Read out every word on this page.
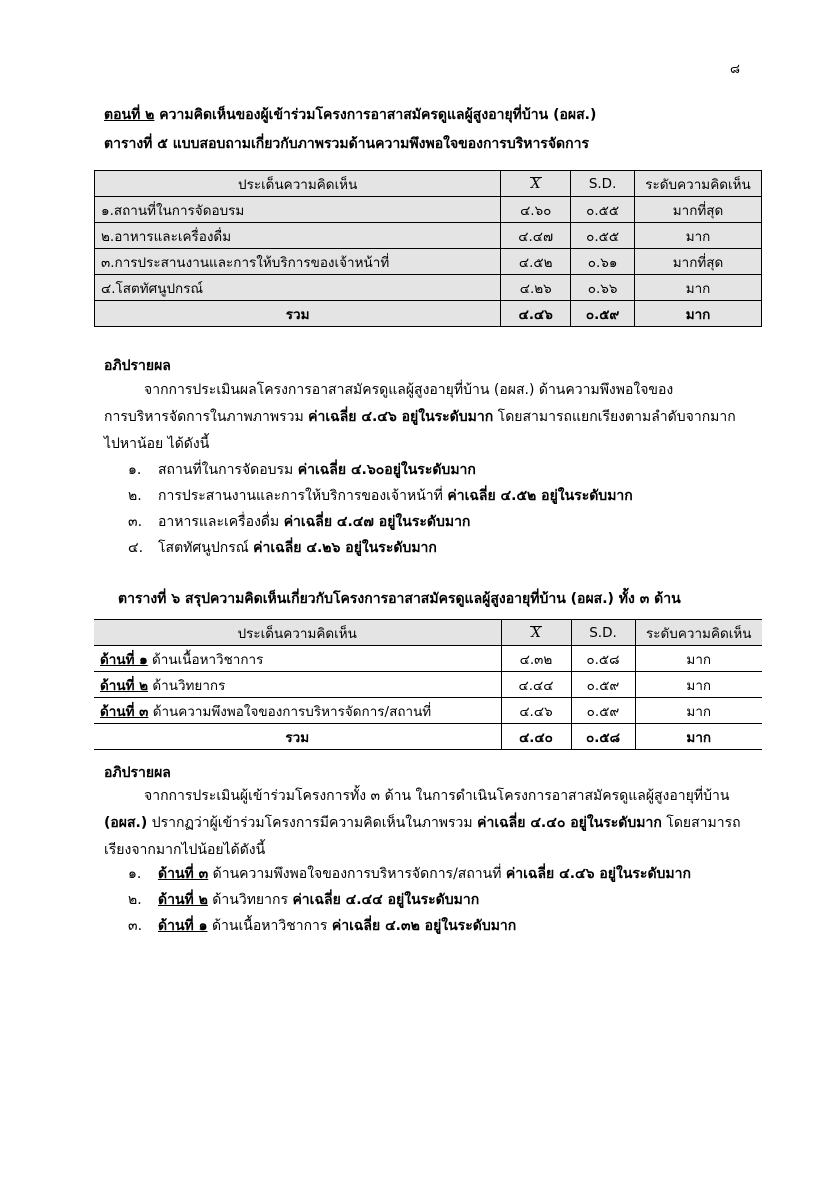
๘
ตอนที่ ๒ ความคิดเห็นของผู้เข้าร่วมโครงการอาสาสมัครดูแลผู้สูงอายุที่บ้าน (อผส.)
ตารางที่ ๕ แบบสอบถามเกี่ยวกับภาพรวมด้านความพึงพอใจของการบริหารจัดการ
ประเด็นความคิดเห็น	X	S.D.	ระดับความคิดเห็น
๑.สถานที่ในการจัดอบรม	๔.๖๐	๐.๕๕	มากที่สุด
๒.อาหารและเครื่องดื่ม	๔.๔๗	๐.๕๕	มาก
๓.การประสานงานและการให้บริการของเจ้าหน้าที่	๔.๕๒	๐.๖๑	มากที่สุด
๔.โสตทัศนูปกรณ์	๔.๒๖	๐.๖๖	มาก
รวม	๔.๔๖	๐.๕๙	มาก
อภิปรายผล
จากการประเมินผลโครงการอาสาสมัครดูแลผู้สูงอายุที่บ้าน (อผส.) ด้านความพึงพอใจของ
การบริหารจัดการในภาพภาพรวม ค่าเฉลี่ย ๔.๔๖ อยู่ในระดับมาก โดยสามารถแยกเรียงตามลำดับจากมาก
ไปหาน้อย ได้ดังนี้
๑. สถานที่ในการจัดอบรม ค่าเฉลี่ย ๔.๖๐อยู่ในระดับมาก
๒. การประสานงานและการให้บริการของเจ้าหน้าที่ ค่าเฉลี่ย ๔.๕๒ อยู่ในระดับมาก
๓. อาหารและเครื่องดื่ม ค่าเฉลี่ย ๔.๔๗ อยู่ในระดับมาก
๔. โสตทัศนูปกรณ์ ค่าเฉลี่ย ๔.๒๖ อยู่ในระดับมาก
ตารางที่ ๖ สรุปความคิดเห็นเกี่ยวกับโครงการอาสาสมัครดูแลผู้สูงอายุที่บ้าน (อผส.) ทั้ง ๓ ด้าน
ประเด็นความคิดเห็น	X	S.D.	ระดับความคิดเห็น
ด้านที่ ๑ ด้านเนื้อหาวิชาการ	๔.๓๒	๐.๕๘	มาก
ด้านที่ ๒ ด้านวิทยากร	๔.๔๔	๐.๕๙	มาก
ด้านที่ ๓ ด้านความพึงพอใจของการบริหารจัดการ/สถานที่	๔.๔๖	๐.๕๙	มาก
รวม	๔.๔๐	๐.๕๘	มาก
อภิปรายผล
จากการประเมินผู้เข้าร่วมโครงการทั้ง ๓ ด้าน ในการดำเนินโครงการอาสาสมัครดูแลผู้สูงอายุที่บ้าน
(อผส.) ปรากฏว่าผู้เข้าร่วมโครงการมีความคิดเห็นในภาพรวม ค่าเฉลี่ย ๔.๔๐ อยู่ในระดับมาก โดยสามารถ
เรียงจากมากไปน้อยได้ดังนี้
๑. ด้านที่ ๓ ด้านความพึงพอใจของการบริหารจัดการ/สถานที่ ค่าเฉลี่ย ๔.๔๖ อยู่ในระดับมาก
๒. ด้านที่ ๒ ด้านวิทยากร ค่าเฉลี่ย ๔.๔๔ อยู่ในระดับมาก
๓. ด้านที่ ๑ ด้านเนื้อหาวิชาการ ค่าเฉลี่ย ๔.๓๒ อยู่ในระดับมาก
